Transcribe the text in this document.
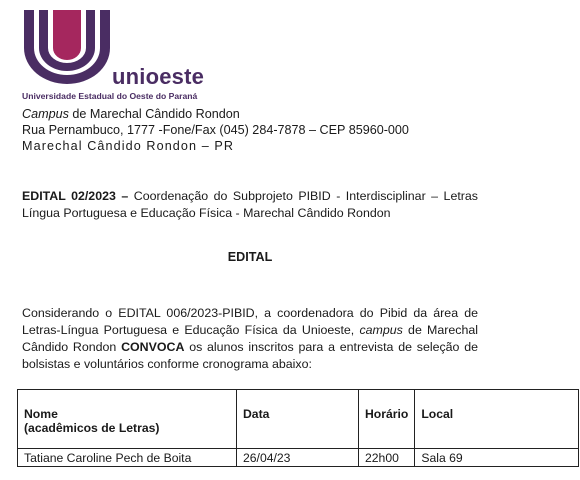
unioeste
Universidade Estadual do Oeste do Paraná
Campus de Marechal Cândido Rondon
Rua Pernambuco, 1777 -Fone/Fax (045) 284-7878 – CEP 85960-000
Marechal Cândido Rondon – PR
EDITAL 02/2023 – Coordenação do Subprojeto PIBID - Interdisciplinar – Letras Língua Portuguesa e Educação Física - Marechal Cândido Rondon
EDITAL
Considerando o EDITAL 006/2023-PIBID, a coordenadora do Pibid da área de Letras-Língua Portuguesa e Educação Física da Unioeste, campus de Marechal Cândido Rondon CONVOCA os alunos inscritos para a entrevista de seleção de bolsistas e voluntários conforme cronograma abaixo:
Nome
(acadêmicos de Letras)	Data	Horário	Local
Tatiane Caroline Pech de Boita	26/04/23	22h00	Sala 69
